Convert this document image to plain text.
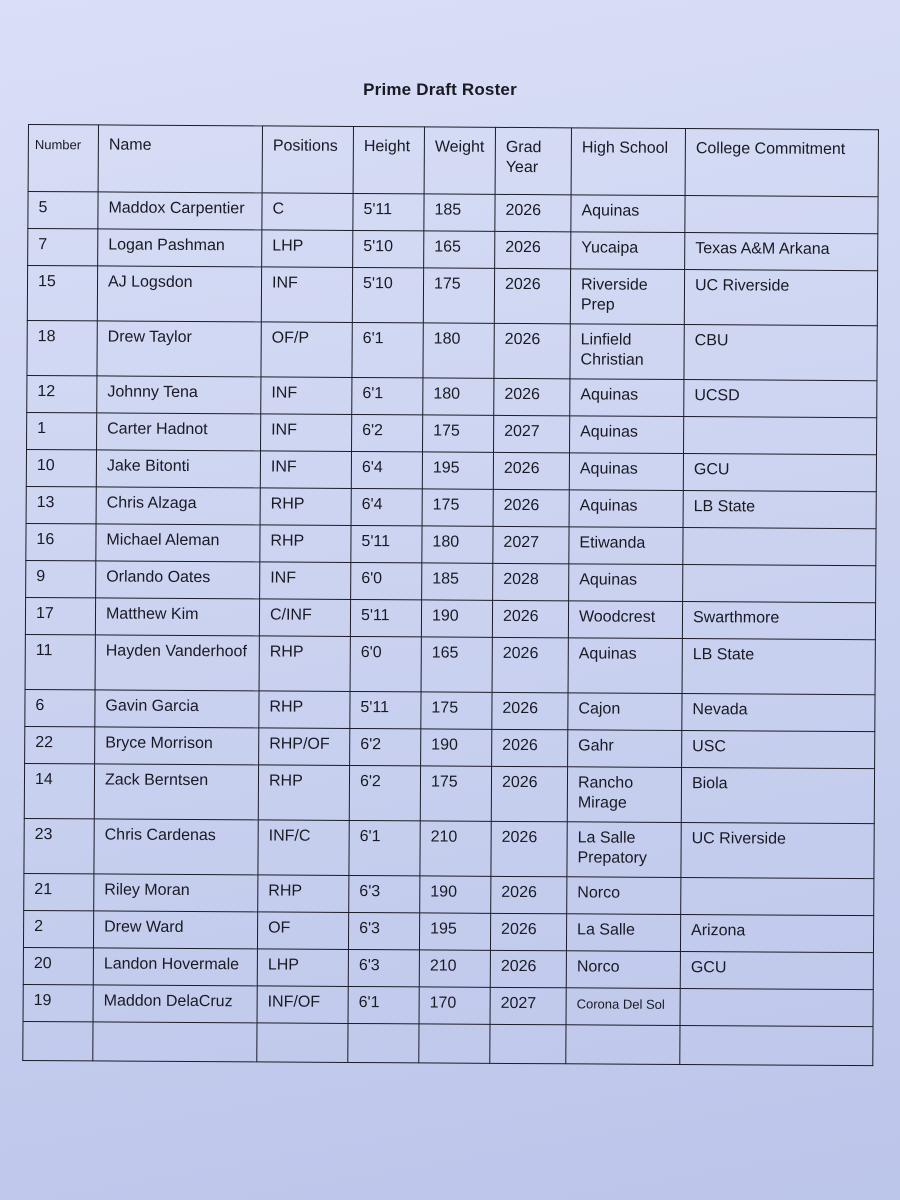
Prime Draft Roster
Number	Name	Positions	Height	Weight	Grad Year	High School	College Commitment
5	Maddox Carpentier	C	5'11	185	2026	Aquinas	
7	Logan Pashman	LHP	5'10	165	2026	Yucaipa	Texas A&M Arkana
15	AJ Logsdon	INF	5'10	175	2026	Riverside Prep	UC Riverside
18	Drew Taylor	OF/P	6'1	180	2026	Linfield Christian	CBU
12	Johnny Tena	INF	6'1	180	2026	Aquinas	UCSD
1	Carter Hadnot	INF	6'2	175	2027	Aquinas	
10	Jake Bitonti	INF	6'4	195	2026	Aquinas	GCU
13	Chris Alzaga	RHP	6'4	175	2026	Aquinas	LB State
16	Michael Aleman	RHP	5'11	180	2027	Etiwanda	
9	Orlando Oates	INF	6'0	185	2028	Aquinas	
17	Matthew Kim	C/INF	5'11	190	2026	Woodcrest	Swarthmore
11	Hayden Vanderhoof	RHP	6'0	165	2026	Aquinas	LB State
6	Gavin Garcia	RHP	5'11	175	2026	Cajon	Nevada
22	Bryce Morrison	RHP/OF	6'2	190	2026	Gahr	USC
14	Zack Berntsen	RHP	6'2	175	2026	Rancho Mirage	Biola
23	Chris Cardenas	INF/C	6'1	210	2026	La Salle Prepatory	UC Riverside
21	Riley Moran	RHP	6'3	190	2026	Norco	
2	Drew Ward	OF	6'3	195	2026	La Salle	Arizona
20	Landon Hovermale	LHP	6'3	210	2026	Norco	GCU
19	Maddon DelaCruz	INF/OF	6'1	170	2027	Corona Del Sol	
